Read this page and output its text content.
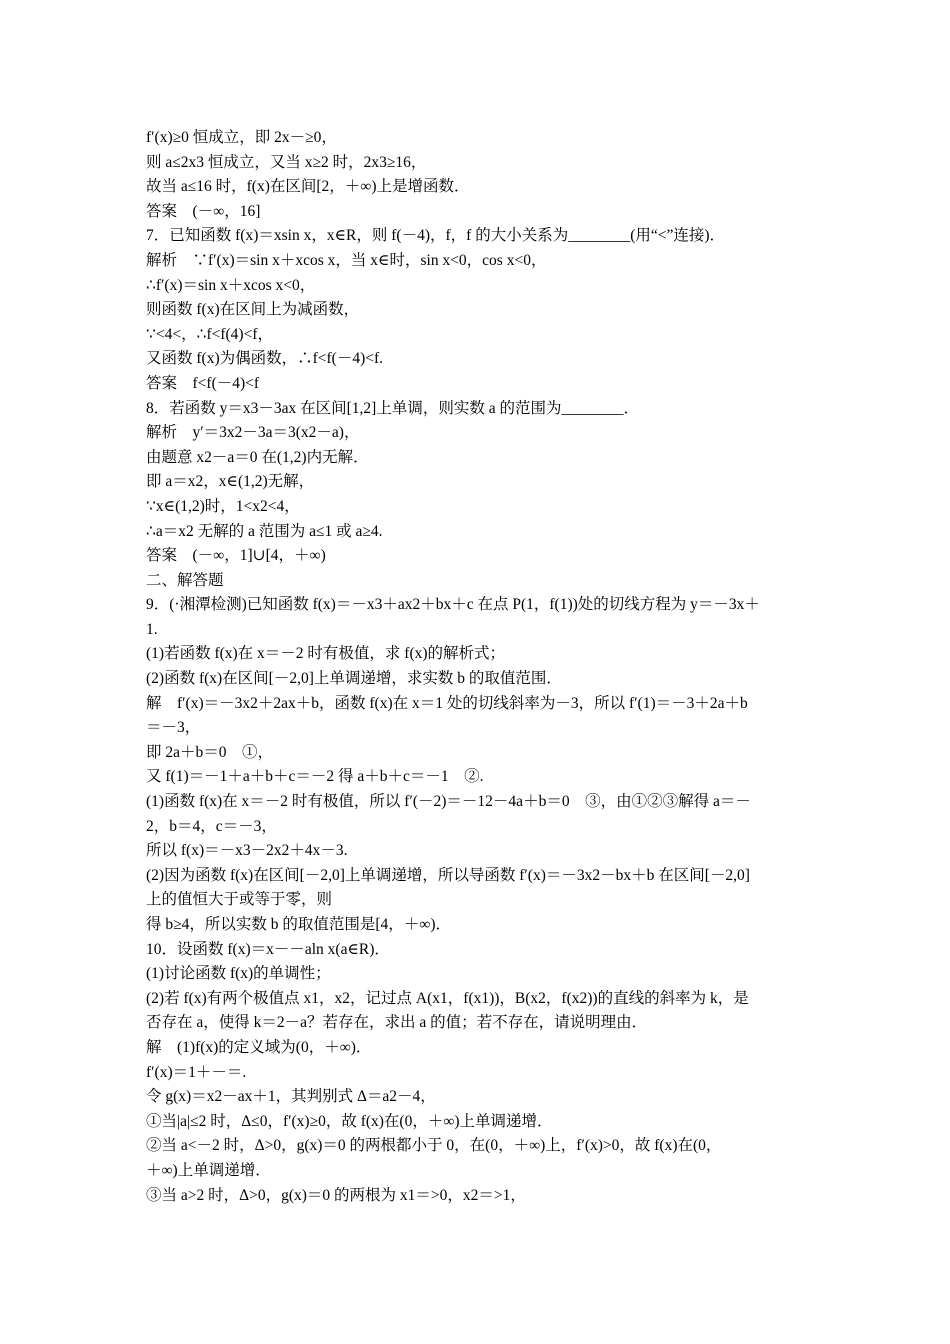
f′(x)≥0 恒成立，即 2x－≥0，
则 a≤2x3 恒成立，又当 x≥2 时，2x3≥16，
故当 a≤16 时，f(x)在区间[2，＋∞)上是增函数．
答案　(－∞，16]
7．已知函数 f(x)＝xsin x，x∈R，则 f(－4)，f，f 的大小关系为________(用“<”连接)．
解析　∵f′(x)＝sin x＋xcos x，当 x∈时，sin x<0，cos x<0，
∴f′(x)＝sin x＋xcos x<0，
则函数 f(x)在区间上为减函数，
∵<4<，∴f<f(4)<f，
又函数 f(x)为偶函数，∴f<f(－4)<f.
答案　f<f(－4)<f
8．若函数 y＝x3－3ax 在区间[1,2]上单调，则实数 a 的范围为________．
解析　y′＝3x2－3a＝3(x2－a)，
由题意 x2－a＝0 在(1,2)内无解．
即 a＝x2，x∈(1,2)无解，
∵x∈(1,2)时，1<x2<4，
∴a＝x2 无解的 a 范围为 a≤1 或 a≥4.
答案　(－∞，1]∪[4，＋∞)
二、解答题
9．(·湘潭检测)已知函数 f(x)＝－x3＋ax2＋bx＋c 在点 P(1，f(1))处的切线方程为 y＝－3x＋
1.
(1)若函数 f(x)在 x＝－2 时有极值，求 f(x)的解析式；
(2)函数 f(x)在区间[－2,0]上单调递增，求实数 b 的取值范围．
解　f′(x)＝－3x2＋2ax＋b，函数 f(x)在 x＝1 处的切线斜率为－3，所以 f′(1)＝－3＋2a＋b
＝－3，
即 2a＋b＝0　①，
又 f(1)＝－1＋a＋b＋c＝－2 得 a＋b＋c＝－1　②.
(1)函数 f(x)在 x＝－2 时有极值，所以 f′(－2)＝－12－4a＋b＝0　③，由①②③解得 a＝－
2，b＝4，c＝－3，
所以 f(x)＝－x3－2x2＋4x－3.
(2)因为函数 f(x)在区间[－2,0]上单调递增，所以导函数 f′(x)＝－3x2－bx＋b 在区间[－2,0]
上的值恒大于或等于零，则
得 b≥4，所以实数 b 的取值范围是[4，＋∞)．
10．设函数 f(x)＝x－－aln x(a∈R)．
(1)讨论函数 f(x)的单调性；
(2)若 f(x)有两个极值点 x1，x2，记过点 A(x1，f(x1))，B(x2，f(x2))的直线的斜率为 k，是
否存在 a，使得 k＝2－a？若存在，求出 a 的值；若不存在，请说明理由．
解　(1)f(x)的定义域为(0，＋∞)．
f′(x)＝1＋－＝.
令 g(x)＝x2－ax＋1，其判别式 Δ＝a2－4，
①当|a|≤2 时，Δ≤0，f′(x)≥0，故 f(x)在(0，＋∞)上单调递增．
②当 a<－2 时，Δ>0，g(x)＝0 的两根都小于 0，在(0，＋∞)上，f′(x)>0，故 f(x)在(0，
＋∞)上单调递增．
③当 a>2 时，Δ>0，g(x)＝0 的两根为 x1＝>0，x2＝>1，
